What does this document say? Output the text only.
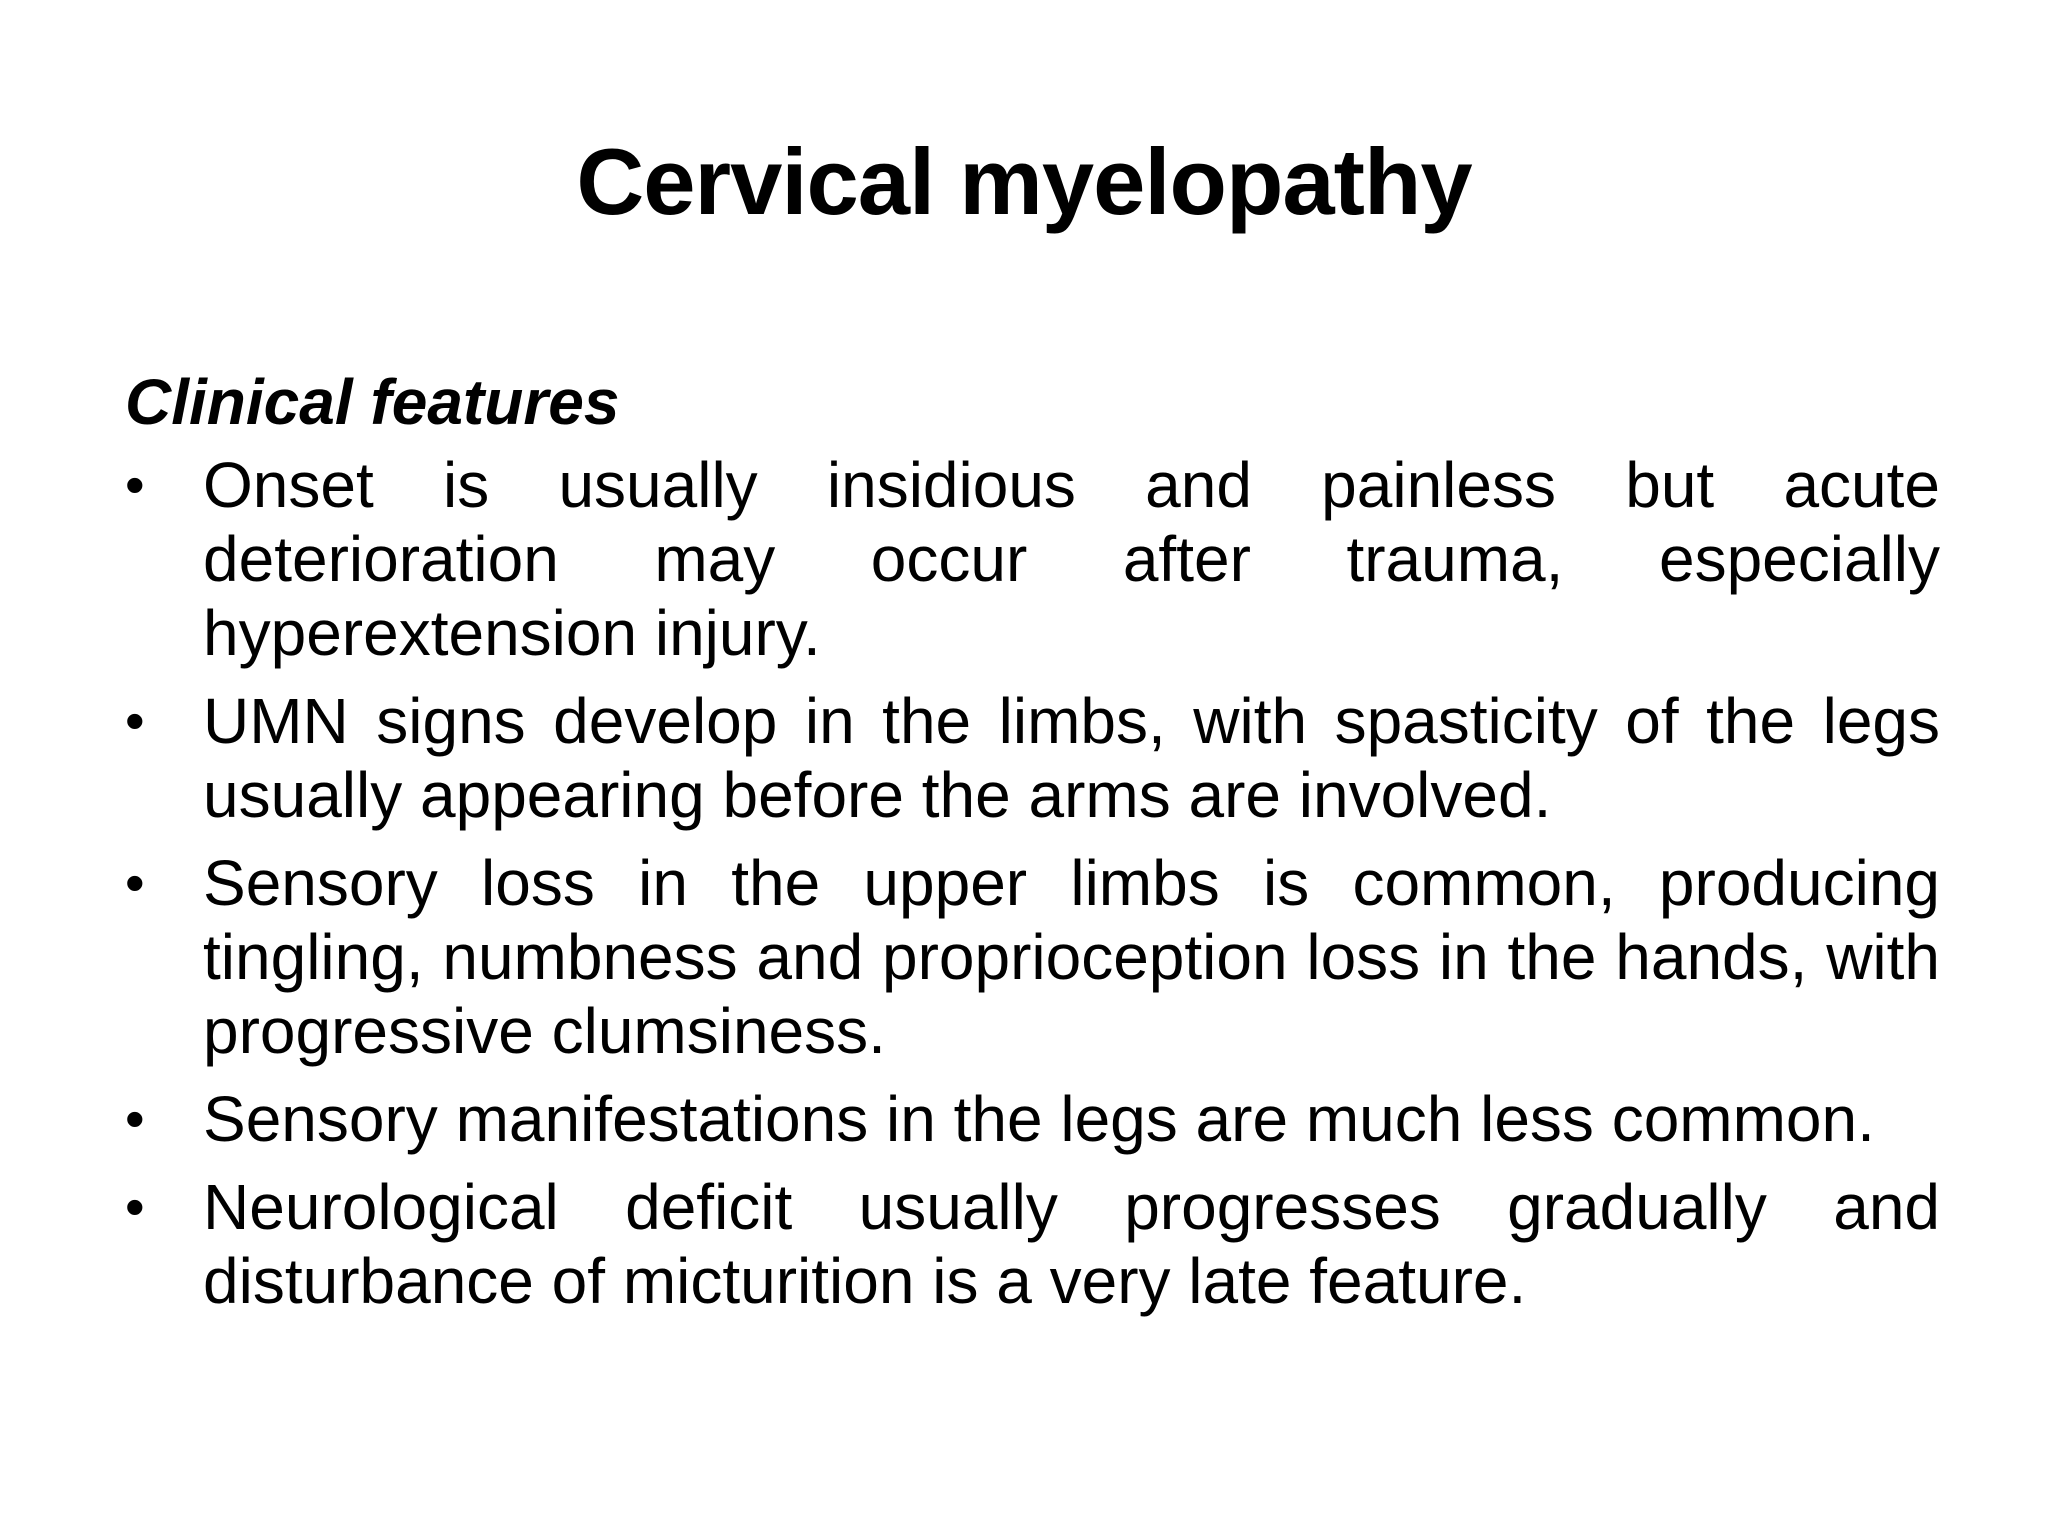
Cervical myelopathy
Clinical features
• Onset is usually insidious and painless but acute deterioration may occur after trauma, especially hyperextension injury.
• UMN signs develop in the limbs, with spasticity of the legs usually appearing before the arms are involved.
• Sensory loss in the upper limbs is common, producing tingling, numbness and proprioception loss in the hands, with progressive clumsiness.
• Sensory manifestations in the legs are much less common.
• Neurological deficit usually progresses gradually and disturbance of micturition is a very late feature.
